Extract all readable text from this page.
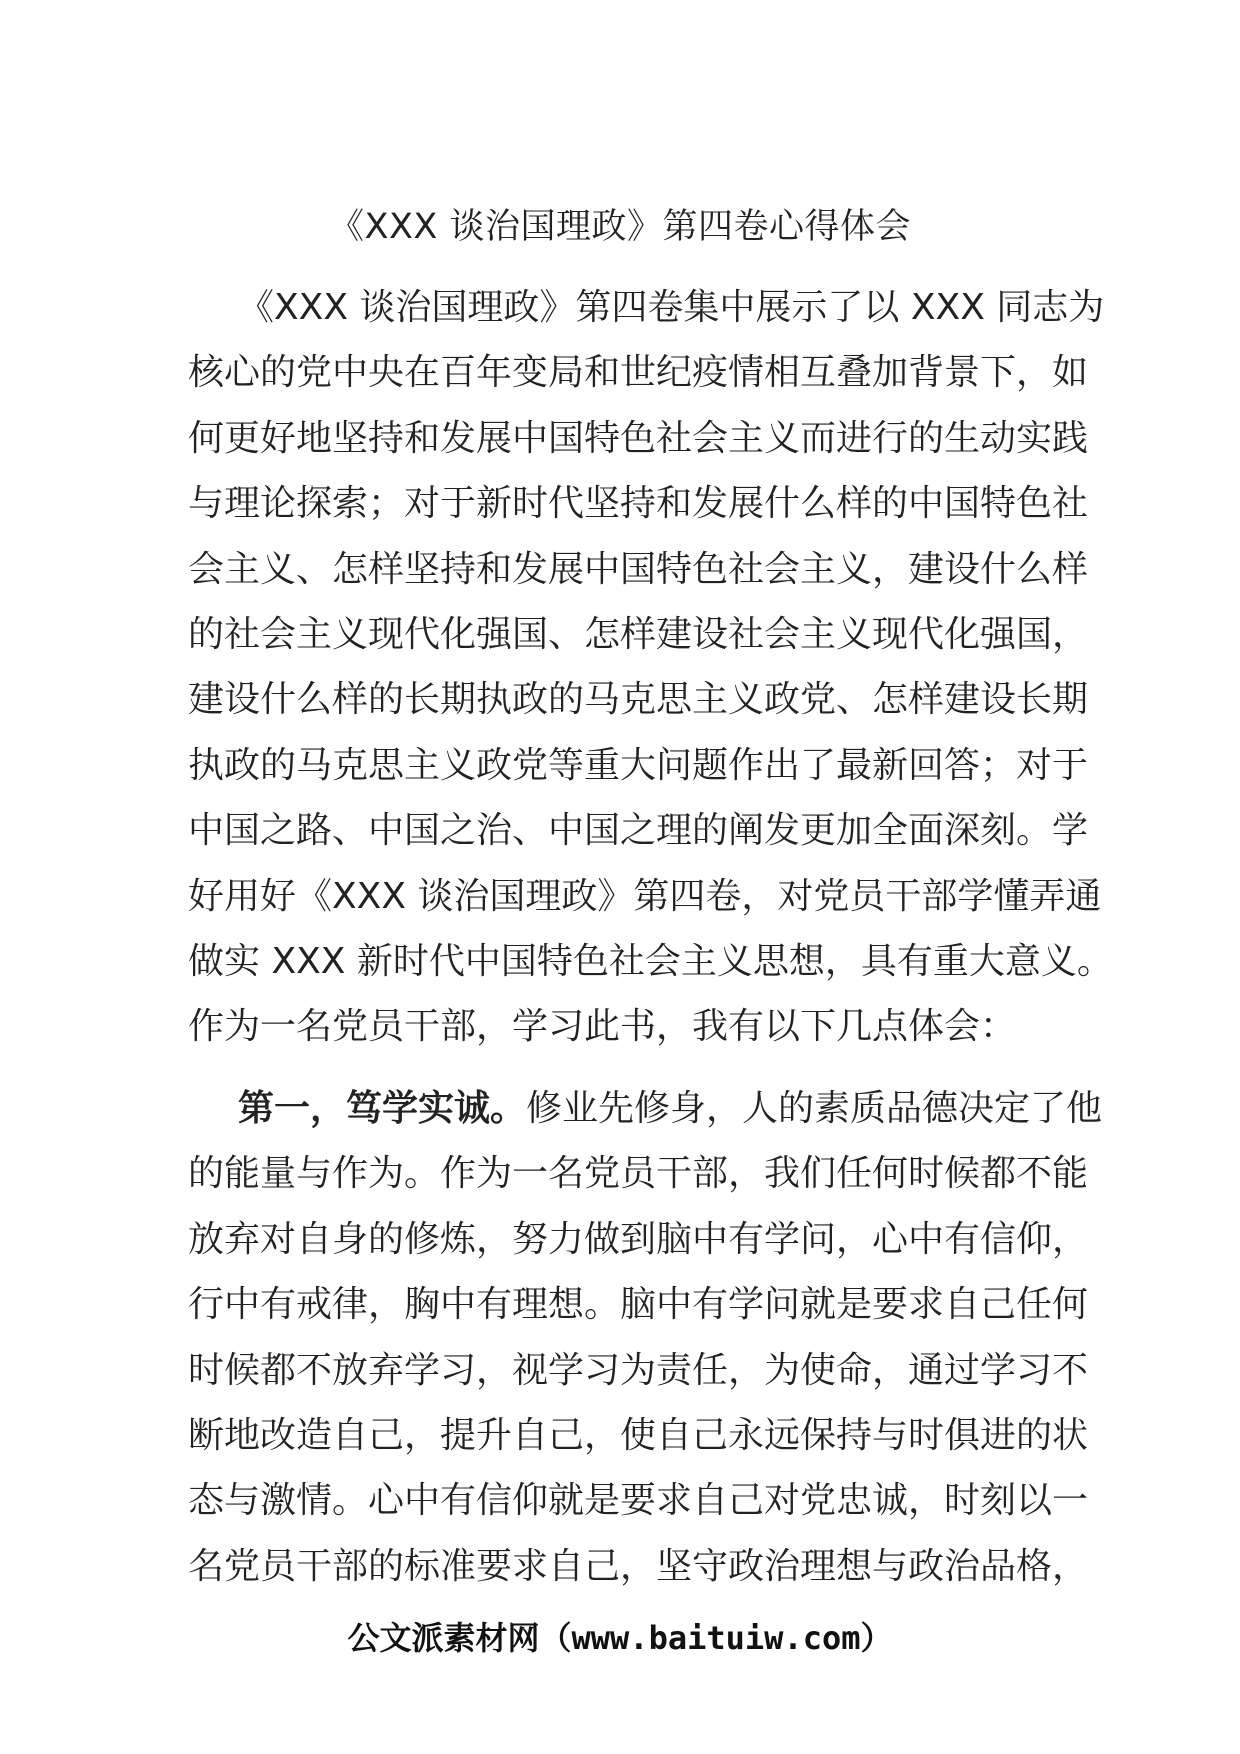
《XXX 谈治国理政》第四卷心得体会
《XXX 谈治国理政》第四卷集中展示了以 XXX 同志为
核心的党中央在百年变局和世纪疫情相互叠加背景下，如
何更好地坚持和发展中国特色社会主义而进行的生动实践
与理论探索；对于新时代坚持和发展什么样的中国特色社
会主义、怎样坚持和发展中国特色社会主义，建设什么样
的社会主义现代化强国、怎样建设社会主义现代化强国，
建设什么样的长期执政的马克思主义政党、怎样建设长期
执政的马克思主义政党等重大问题作出了最新回答；对于
中国之路、中国之治、中国之理的阐发更加全面深刻。学
好用好《XXX 谈治国理政》第四卷，对党员干部学懂弄通
做实 XXX 新时代中国特色社会主义思想，具有重大意义。
作为一名党员干部，学习此书，我有以下几点体会：
第一，笃学实诚。修业先修身，人的素质品德决定了他
的能量与作为。作为一名党员干部，我们任何时候都不能
放弃对自身的修炼，努力做到脑中有学问，心中有信仰，
行中有戒律，胸中有理想。脑中有学问就是要求自己任何
时候都不放弃学习，视学习为责任，为使命，通过学习不
断地改造自己，提升自己，使自己永远保持与时俱进的状
态与激情。心中有信仰就是要求自己对党忠诚，时刻以一
名党员干部的标准要求自己，坚守政治理想与政治品格，
公文派素材网（www.baituiw.com）
